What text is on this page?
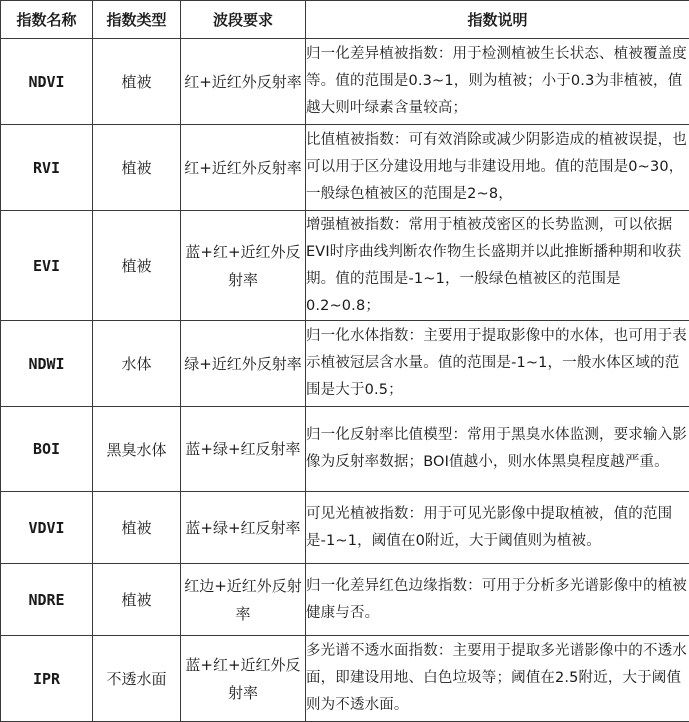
指数名称	指数类型	波段要求	指数说明
NDVI	植被	红+近红外反射率	归一化差异植被指数：用于检测植被生长状态、植被覆盖度等。值的范围是0.3~1，则为植被；小于0.3为非植被，值越大则叶绿素含量较高；
RVI	植被	红+近红外反射率	比值植被指数：可有效消除或减少阴影造成的植被误提，也可以用于区分建设用地与非建设用地。值的范围是0~30，一般绿色植被区的范围是2~8，
EVI	植被	蓝+红+近红外反射率	增强植被指数：常用于植被茂密区的长势监测，可以依据EVI时序曲线判断农作物生长盛期并以此推断播种期和收获期。值的范围是-1~1，一般绿色植被区的范围是0.2~0.8；
NDWI	水体	绿+近红外反射率	归一化水体指数：主要用于提取影像中的水体，也可用于表示植被冠层含水量。值的范围是-1~1，一般水体区域的范围是大于0.5；
BOI	黑臭水体	蓝+绿+红反射率	归一化反射率比值模型：常用于黑臭水体监测，要求输入影像为反射率数据；BOI值越小，则水体黑臭程度越严重。
VDVI	植被	蓝+绿+红反射率	可见光植被指数：用于可见光影像中提取植被，值的范围是-1~1，阈值在0附近，大于阈值则为植被。
NDRE	植被	红边+近红外反射率	归一化差异红色边缘指数：可用于分析多光谱影像中的植被健康与否。
IPR	不透水面	蓝+红+近红外反射率	多光谱不透水面指数：主要用于提取多光谱影像中的不透水面，即建设用地、白色垃圾等；阈值在2.5附近，大于阈值则为不透水面。
